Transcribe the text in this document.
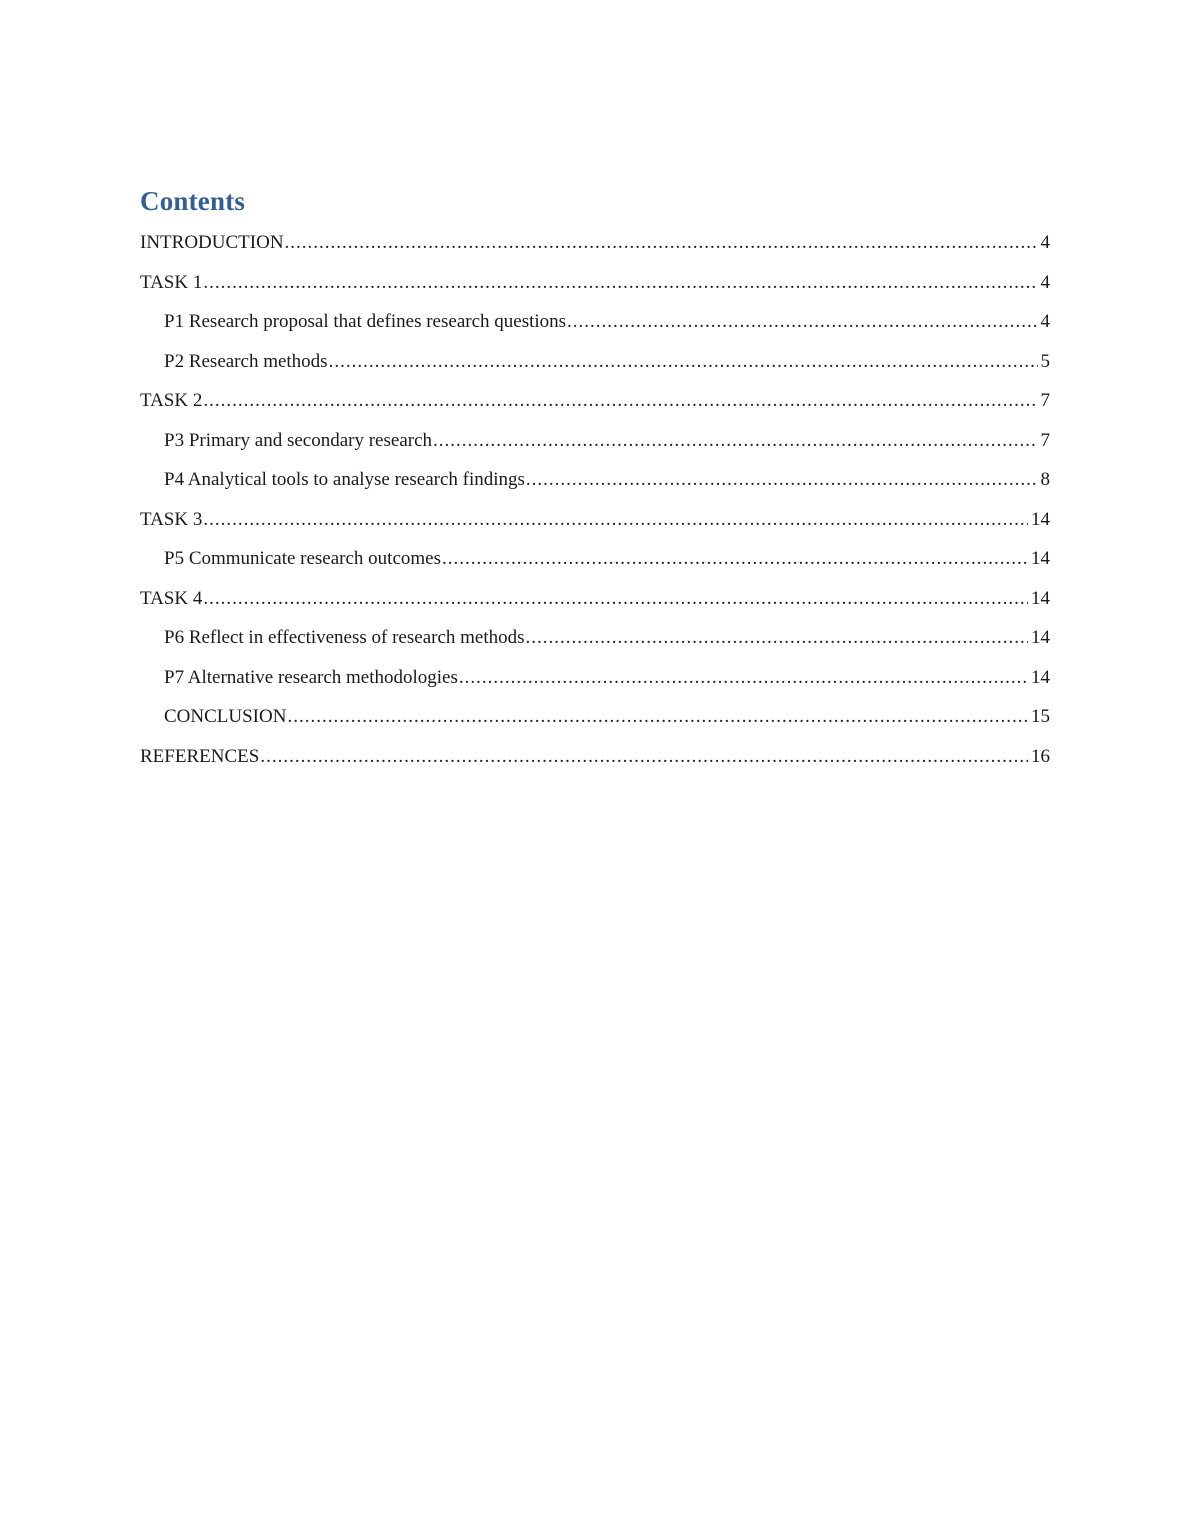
Contents
INTRODUCTION .....	4
TASK 1 .....	4
P1 Research proposal that defines research questions .....	4
P2 Research methods .....	5
TASK 2 .....	7
P3 Primary and secondary research .....	7
P4 Analytical tools to analyse research findings .....	8
TASK 3 .....	14
P5 Communicate research outcomes .....	14
TASK 4 .....	14
P6 Reflect in effectiveness of research methods .....	14
P7 Alternative research methodologies .....	14
CONCLUSION .....	15
REFERENCES .....	16
